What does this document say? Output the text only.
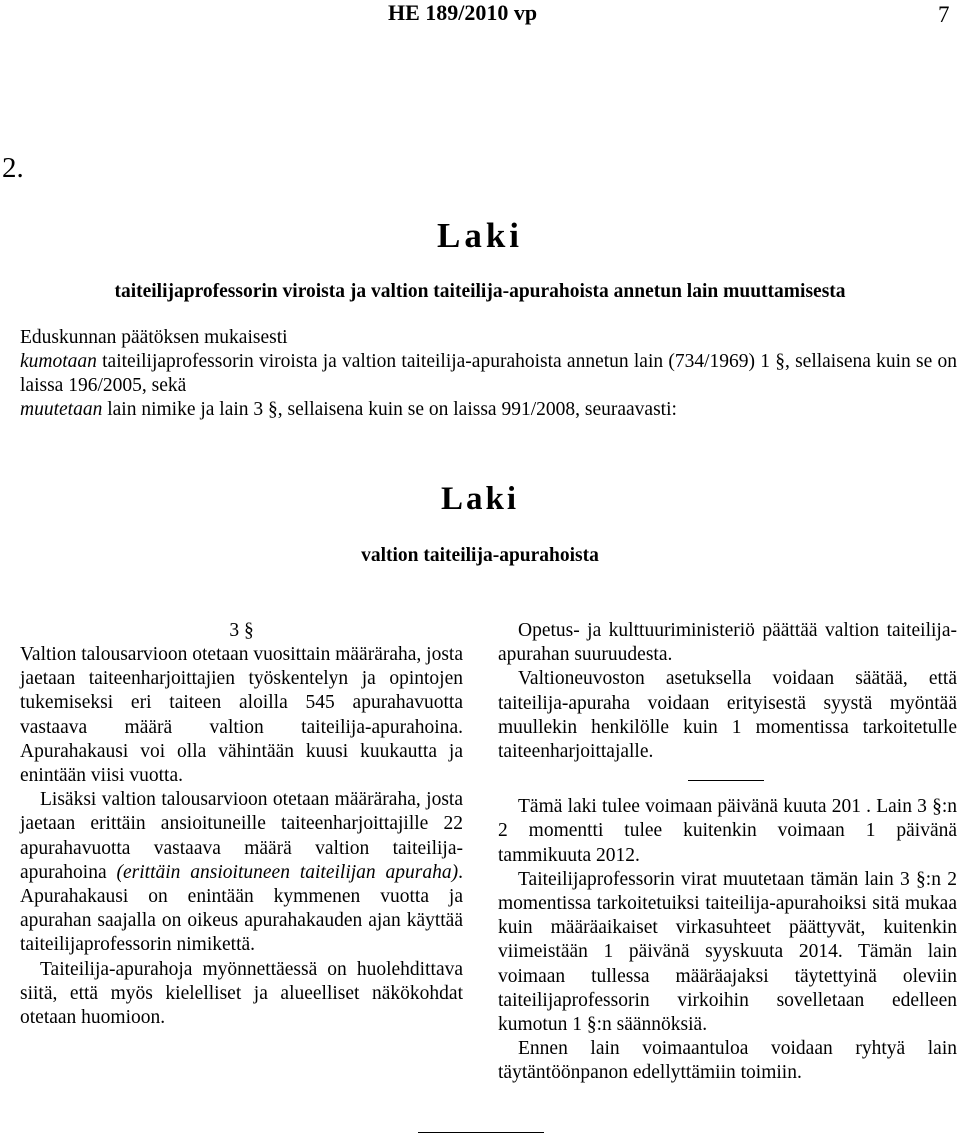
HE 189/2010 vp	7
2.
Laki
taiteilijaprofessorin viroista ja valtion taiteilija-apurahoista annetun lain muuttamisesta

Eduskunnan päätöksen mukaisesti

kumotaan taiteilijaprofessorin viroista ja valtion taiteilija-apurahoista annetun lain (734/1969) 1 §, sellaisena kuin se on laissa 196/2005, sekä

muutetaan lain nimike ja lain 3 §, sellaisena kuin se on laissa 991/2008, seuraavasti:

Laki
valtion taiteilija-apurahoista
3 §

Valtion talousarvioon otetaan vuosittain määräraha, josta jaetaan taiteenharjoittajien työskentelyn ja opintojen tukemiseksi eri taiteen aloilla 545 apurahavuotta vastaava määrä valtion taiteilija-apurahoina. Apurahakausi voi olla vähintään kuusi kuukautta ja enintään viisi vuotta.

Lisäksi valtion talousarvioon otetaan määräraha, josta jaetaan erittäin ansioituneille taiteenharjoittajille 22 apurahavuotta vastaava määrä valtion taiteilija-apurahoina (erittäin ansioituneen taiteilijan apuraha). Apurahakausi on enintään kymmenen vuotta ja apurahan saajalla on oikeus apurahakauden ajan käyttää taiteilijaprofessorin nimikettä.

Taiteilija-apurahoja myönnettäessä on huolehdittava siitä, että myös kielelliset ja alueelliset näkökohdat otetaan huomioon.

Opetus- ja kulttuuriministeriö päättää valtion taiteilija-apurahan suuruudesta.

Valtioneuvoston asetuksella voidaan säätää, että taiteilija-apuraha voidaan erityisestä syystä myöntää muullekin henkilölle kuin 1 momentissa tarkoitetulle taiteenharjoittajalle.

Tämä laki tulee voimaan päivänä kuuta 201 . Lain 3 §:n 2 momentti tulee kuitenkin voimaan 1 päivänä tammikuuta 2012.

Taiteilijaprofessorin virat muutetaan tämän lain 3 §:n 2 momentissa tarkoitetuiksi taiteilija-apurahoiksi sitä mukaa kuin määräaikaiset virkasuhteet päättyvät, kuitenkin viimeistään 1 päivänä syyskuuta 2014. Tämän lain voimaan tullessa määräajaksi täytettyinä oleviin taiteilijaprofessorin virkoihin sovelletaan edelleen kumotun 1 §:n säännöksiä.

Ennen lain voimaantuloa voidaan ryhtyä lain täytäntöönpanon edellyttämiin toimiin.
